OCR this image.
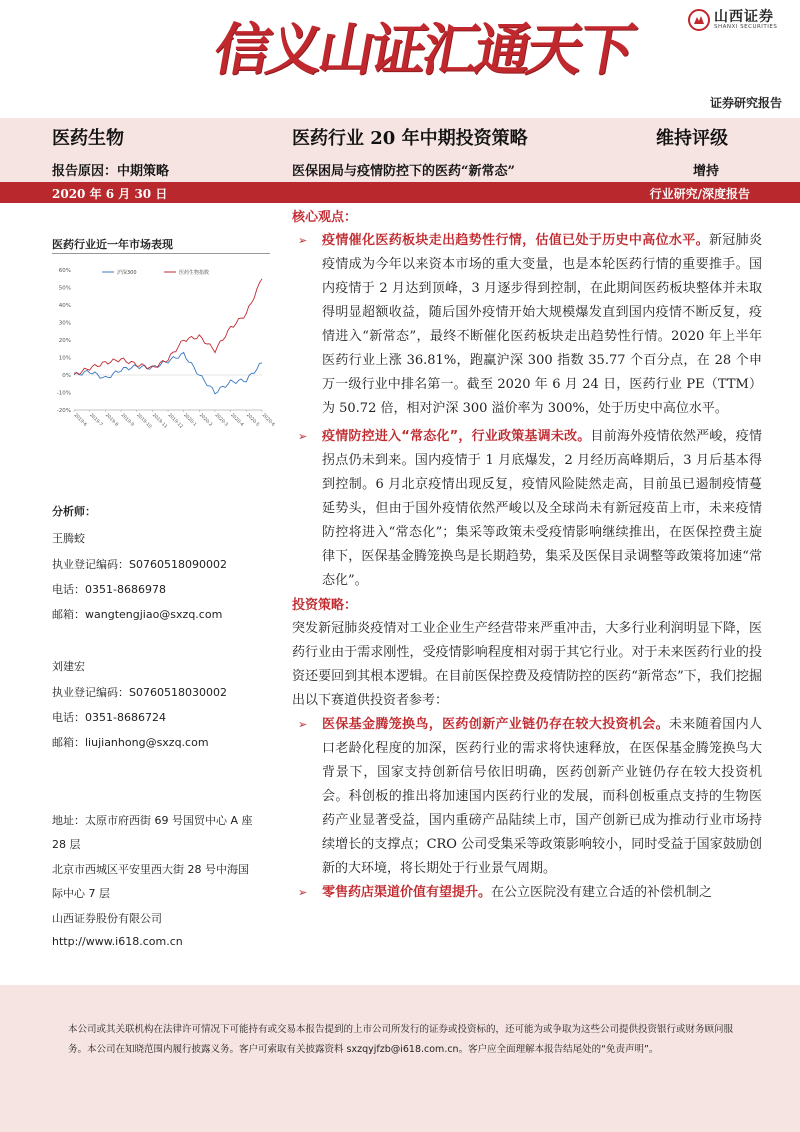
山西证券
SHANXI SECURITIES
信义山证汇通天下
证券研究报告
医药生物	医药行业 20 年中期投资策略	维持评级
报告原因：中期策略	医保困局与疫情防控下的医药“新常态”	增持
2020 年 6 月 30 日	行业研究/深度报告
医药行业近一年市场表现
60%
50%
40%
30%
20%
10%
0%
-10%
-20%
2019-6 2019-7 2019-8 2019-9 2019-10
2019-11
2019-12
2020-1 2020-2 2020-3 2020-4 2020-5 2020-6
沪深300	医药生物指数
分析师：
王腾蛟
执业登记编码：S0760518090002
电话：0351-8686978
邮箱：wangtengjiao@sxzq.com
刘建宏
执业登记编码：S0760518030002
电话：0351-8686724
邮箱：liujianhong@sxzq.com
地址：太原市府西街 69 号国贸中心 A 座
28 层
北京市西城区平安里西大街 28 号中海国
际中心 7 层
山西证券股份有限公司
http://www.i618.com.cn
核心观点：
➢ 疫情催化医药板块走出趋势性行情，估值已处于历史中高位水平。新冠肺炎疫情成为今年以来资本市场的重大变量，也是本轮医药行情的重要推手。国内疫情于 2 月达到顶峰，3 月逐步得到控制，在此期间医药板块整体并未取得明显超额收益，随后国外疫情开始大规模爆发直到国内疫情不断反复，疫情进入“新常态”，最终不断催化医药板块走出趋势性行情。2020 年上半年医药行业上涨 36.81%，跑赢沪深 300 指数 35.77 个百分点，在 28 个申万一级行业中排名第一。截至 2020 年 6 月 24 日，医药行业 PE（TTM）为 50.72 倍，相对沪深 300 溢价率为 300%，处于历史中高位水平。
➢ 疫情防控进入“常态化”，行业政策基调未改。目前海外疫情依然严峻，疫情拐点仍未到来。国内疫情于 1 月底爆发，2 月经历高峰期后，3 月后基本得到控制。6 月北京疫情出现反复，疫情风险陡然走高，目前虽已遏制疫情蔓延势头，但由于国外疫情依然严峻以及全球尚未有新冠疫苗上市，未来疫情防控将进入“常态化”；集采等政策未受疫情影响继续推出，在医保控费主旋律下，医保基金腾笼换鸟是长期趋势，集采及医保目录调整等政策将加速“常态化”。
投资策略：
突发新冠肺炎疫情对工业企业生产经营带来严重冲击，大多行业利润明显下降，医药行业由于需求刚性，受疫情影响程度相对弱于其它行业。对于未来医药行业的投资还要回到其根本逻辑。在目前医保控费及疫情防控的医药“新常态”下，我们挖掘出以下赛道供投资者参考：
➢ 医保基金腾笼换鸟，医药创新产业链仍存在较大投资机会。未来随着国内人口老龄化程度的加深，医药行业的需求将快速释放，在医保基金腾笼换鸟大背景下，国家支持创新信号依旧明确，医药创新产业链仍存在较大投资机会。科创板的推出将加速国内医药行业的发展，而科创板重点支持的生物医药产业显著受益，国内重磅产品陆续上市，国产创新已成为推动行业市场持续增长的支撑点；CRO 公司受集采等政策影响较小，同时受益于国家鼓励创新的大环境，将长期处于行业景气周期。
➢ 零售药店渠道价值有望提升。在公立医院没有建立合适的补偿机制之
本公司或其关联机构在法律许可情况下可能持有或交易本报告提到的上市公司所发行的证券或投资标的，还可能为或争取为这些公司提供投资银行或财务顾问服务。本公司在知晓范围内履行披露义务。客户可索取有关披露资料 sxzqyjfzb@i618.com.cn。客户应全面理解本报告结尾处的“免责声明”。
